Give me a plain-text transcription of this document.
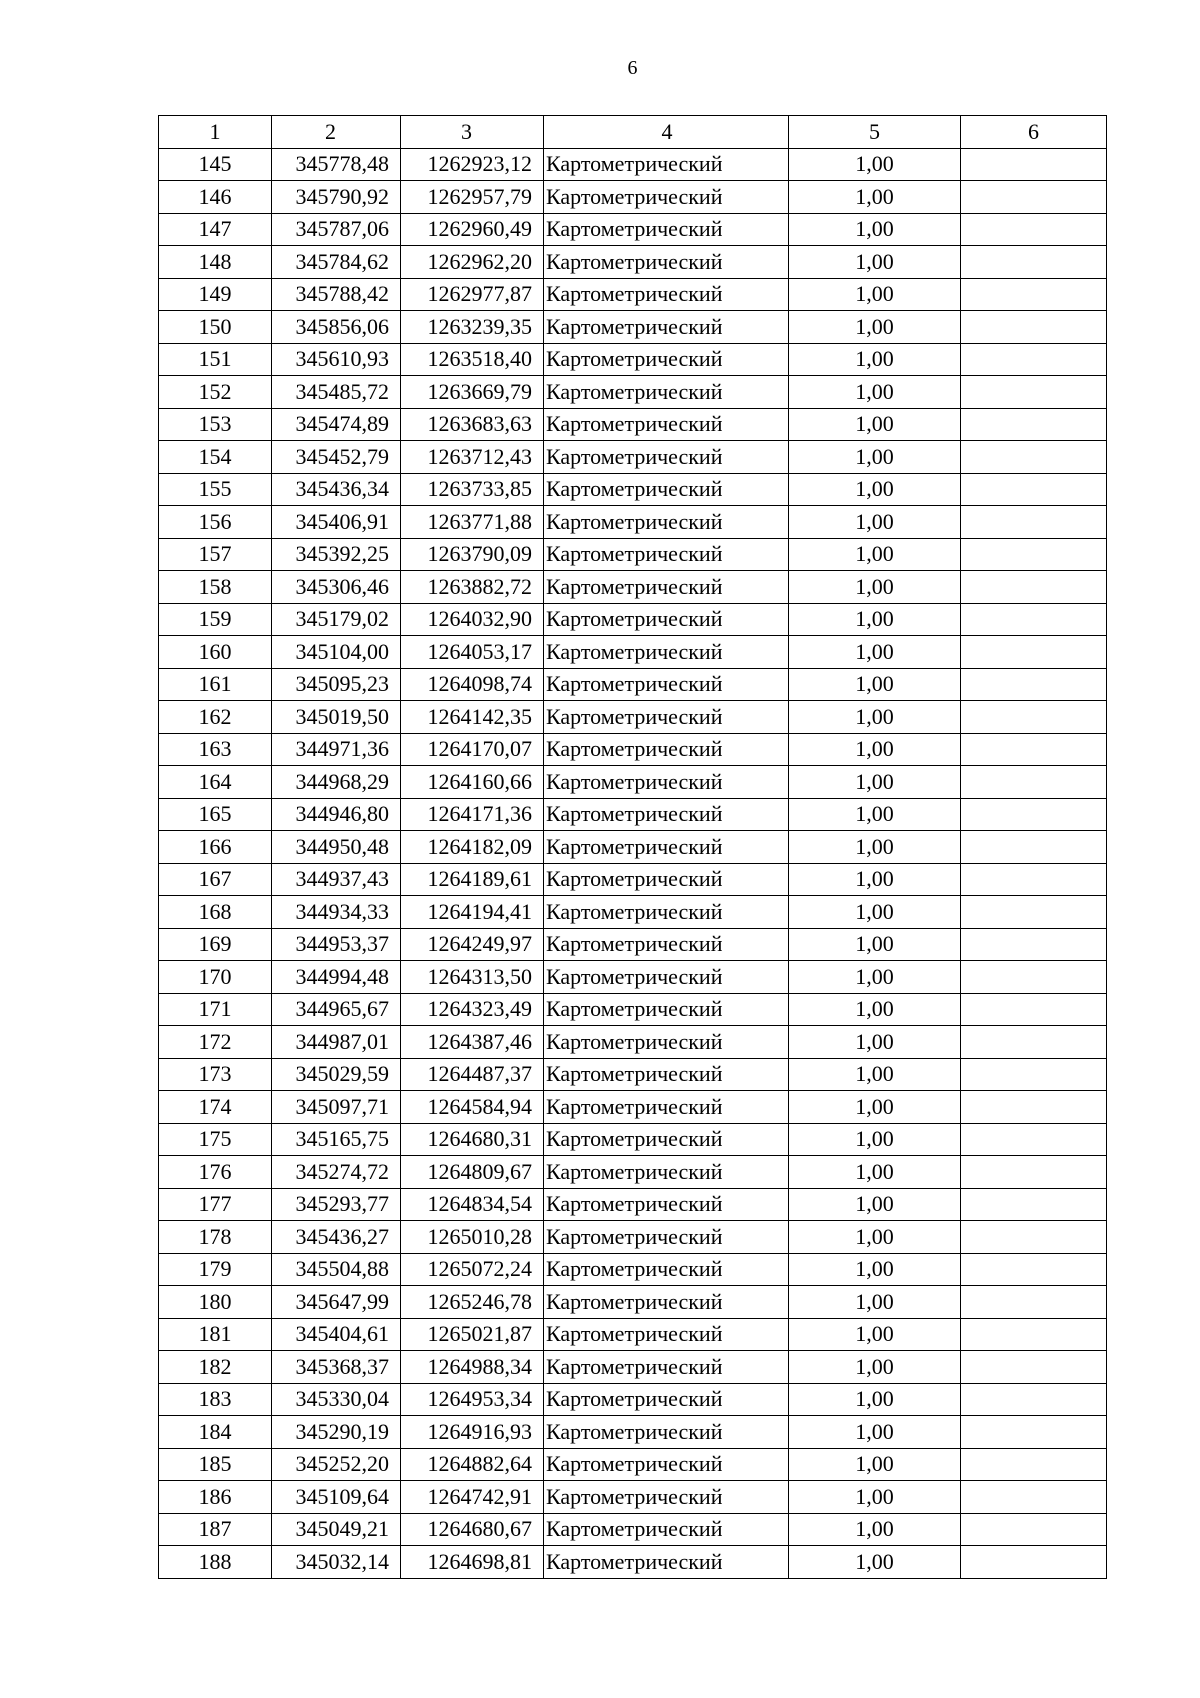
6
1	2	3	4	5	6
145	345778,48	1262923,12	Картометрический	1,00	
146	345790,92	1262957,79	Картометрический	1,00	
147	345787,06	1262960,49	Картометрический	1,00	
148	345784,62	1262962,20	Картометрический	1,00	
149	345788,42	1262977,87	Картометрический	1,00	
150	345856,06	1263239,35	Картометрический	1,00	
151	345610,93	1263518,40	Картометрический	1,00	
152	345485,72	1263669,79	Картометрический	1,00	
153	345474,89	1263683,63	Картометрический	1,00	
154	345452,79	1263712,43	Картометрический	1,00	
155	345436,34	1263733,85	Картометрический	1,00	
156	345406,91	1263771,88	Картометрический	1,00	
157	345392,25	1263790,09	Картометрический	1,00	
158	345306,46	1263882,72	Картометрический	1,00	
159	345179,02	1264032,90	Картометрический	1,00	
160	345104,00	1264053,17	Картометрический	1,00	
161	345095,23	1264098,74	Картометрический	1,00	
162	345019,50	1264142,35	Картометрический	1,00	
163	344971,36	1264170,07	Картометрический	1,00	
164	344968,29	1264160,66	Картометрический	1,00	
165	344946,80	1264171,36	Картометрический	1,00	
166	344950,48	1264182,09	Картометрический	1,00	
167	344937,43	1264189,61	Картометрический	1,00	
168	344934,33	1264194,41	Картометрический	1,00	
169	344953,37	1264249,97	Картометрический	1,00	
170	344994,48	1264313,50	Картометрический	1,00	
171	344965,67	1264323,49	Картометрический	1,00	
172	344987,01	1264387,46	Картометрический	1,00	
173	345029,59	1264487,37	Картометрический	1,00	
174	345097,71	1264584,94	Картометрический	1,00	
175	345165,75	1264680,31	Картометрический	1,00	
176	345274,72	1264809,67	Картометрический	1,00	
177	345293,77	1264834,54	Картометрический	1,00	
178	345436,27	1265010,28	Картометрический	1,00	
179	345504,88	1265072,24	Картометрический	1,00	
180	345647,99	1265246,78	Картометрический	1,00	
181	345404,61	1265021,87	Картометрический	1,00	
182	345368,37	1264988,34	Картометрический	1,00	
183	345330,04	1264953,34	Картометрический	1,00	
184	345290,19	1264916,93	Картометрический	1,00	
185	345252,20	1264882,64	Картометрический	1,00	
186	345109,64	1264742,91	Картометрический	1,00	
187	345049,21	1264680,67	Картометрический	1,00	
188	345032,14	1264698,81	Картометрический	1,00	
